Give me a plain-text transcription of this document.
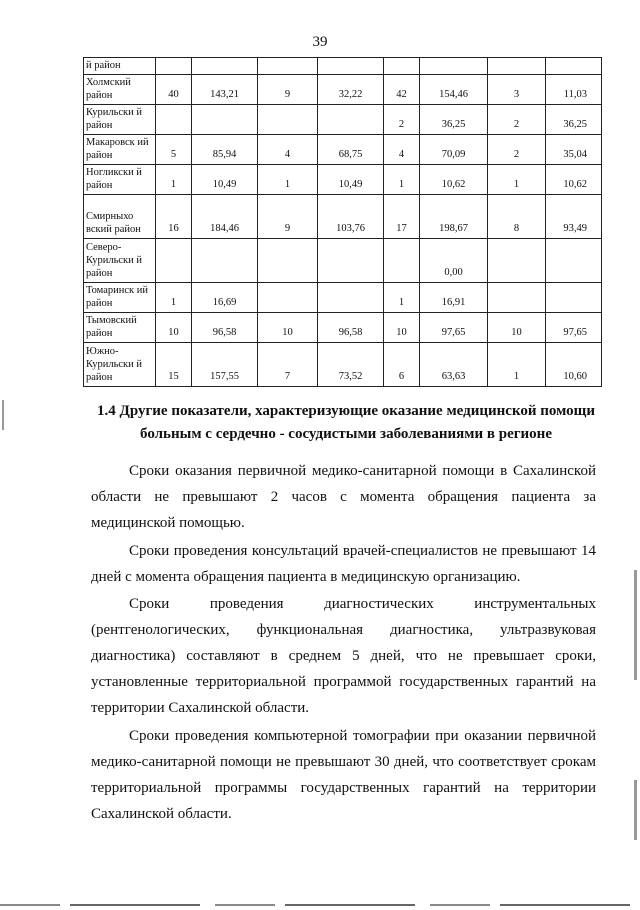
39
й район								
Холмский район	40	143,21	9	32,22	42	154,46	3	11,03
Курильски й район					2	36,25	2	36,25
Макаровск ий район	5	85,94	4	68,75	4	70,09	2	35,04
Ногликски й район	1	10,49	1	10,49	1	10,62	1	10,62
Смирныхо вский район	16	184,46	9	103,76	17	198,67	8	93,49
Северо- Курильски й район						0,00		
Томаринск ий район	1	16,69			1	16,91		
Тымовский район	10	96,58	10	96,58	10	97,65	10	97,65
Южно- Курильски й район	15	157,55	7	73,52	6	63,63	1	10,60
1.4 Другие показатели, характеризующие оказание медицинской помощи больным с сердечно - сосудистыми заболеваниями в регионе

Сроки оказания первичной медико-санитарной помощи в Сахалинской области не превышают 2 часов с момента обращения пациента за медицинской помощью.

Сроки проведения консультаций врачей-специалистов не превышают 14 дней с момента обращения пациента в медицинскую организацию.

Сроки проведения диагностических инструментальных (рентгенологических, функциональная диагностика, ультразвуковая диагностика) составляют в среднем 5 дней, что не превышает сроки, установленные территориальной программой государственных гарантий на территории Сахалинской области.

Сроки проведения компьютерной томографии при оказании первичной медико-санитарной помощи не превышают 30 дней, что соответствует срокам территориальной программы государственных гарантий на территории Сахалинской области.
